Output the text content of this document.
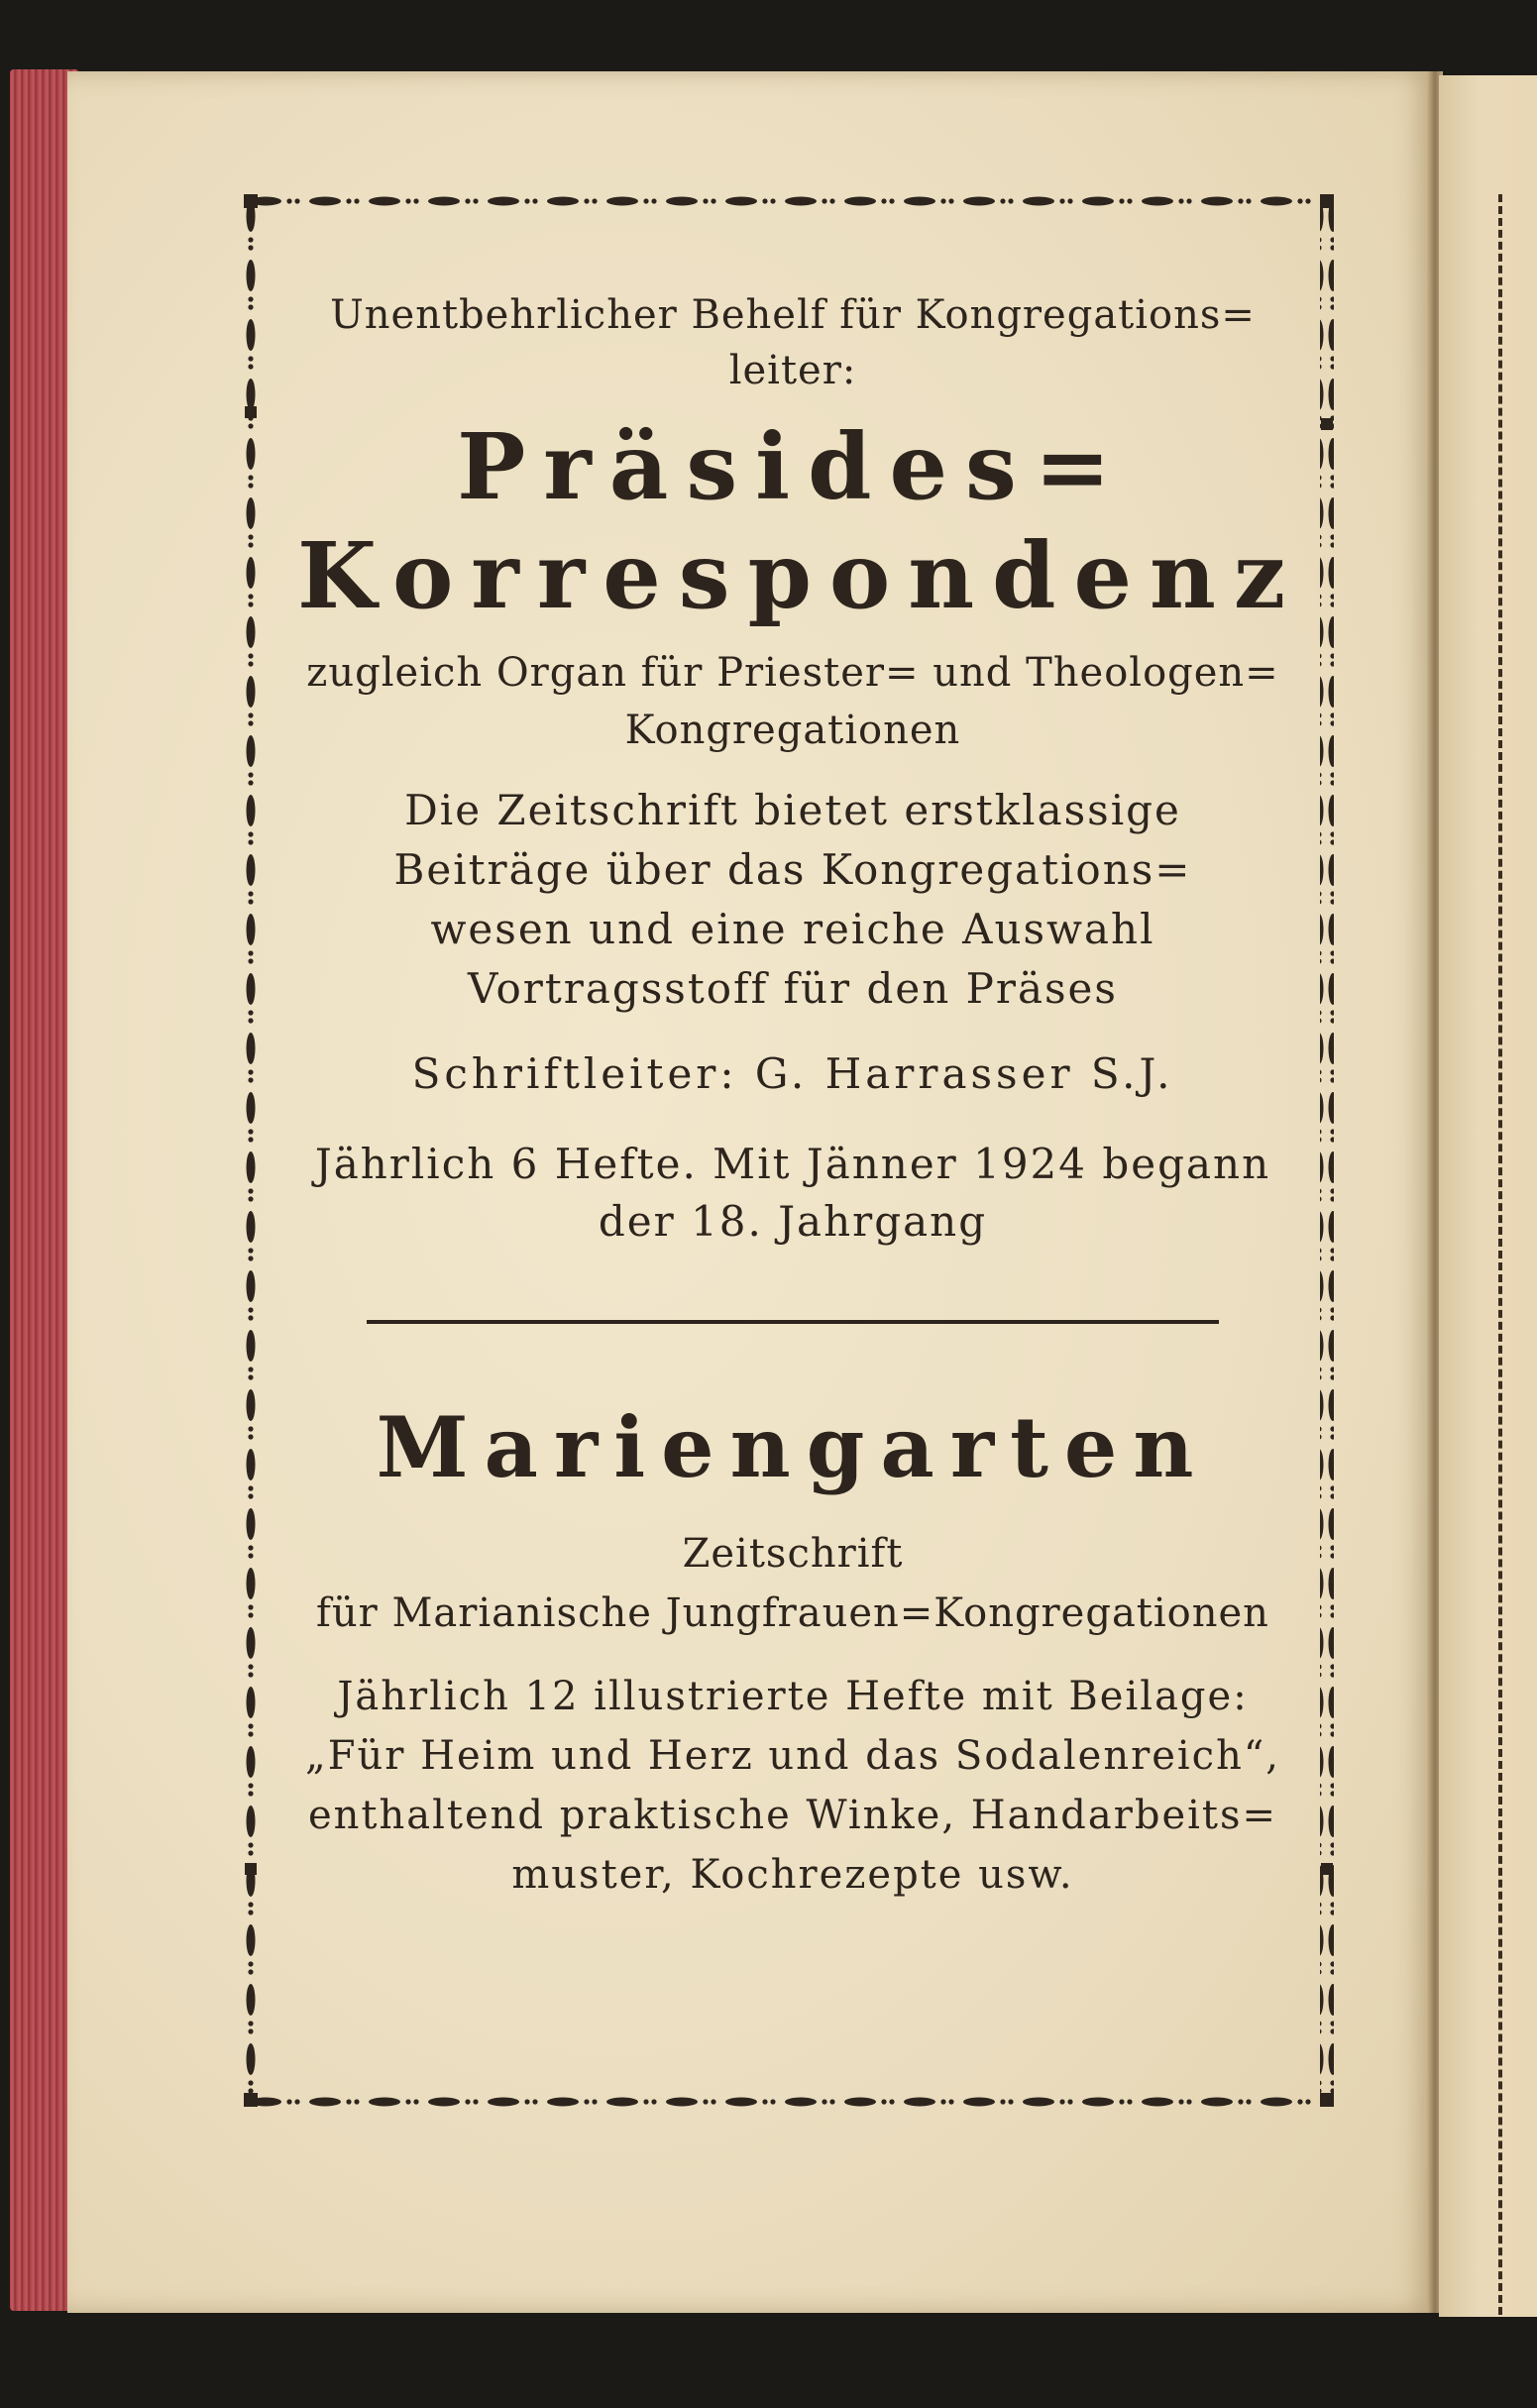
Unentbehrlicher Behelf für Kongregations=
leiter:
Präsides=
Korrespondenz
zugleich Organ für Priester= und Theologen=
Kongregationen
Die Zeitschrift bietet erstklassige
Beiträge über das Kongregations=
wesen und eine reiche Auswahl
Vortragsstoff für den Präses
Schriftleiter: G. Harrasser S.J.
Jährlich 6 Hefte. Mit Jänner 1924 begann
der 18. Jahrgang
Mariengarten
Zeitschrift
für Marianische Jungfrauen=Kongregationen
Jährlich 12 illustrierte Hefte mit Beilage:
„Für Heim und Herz und das Sodalenreich“,
enthaltend praktische Winke, Handarbeits=
muster, Kochrezepte usw.
